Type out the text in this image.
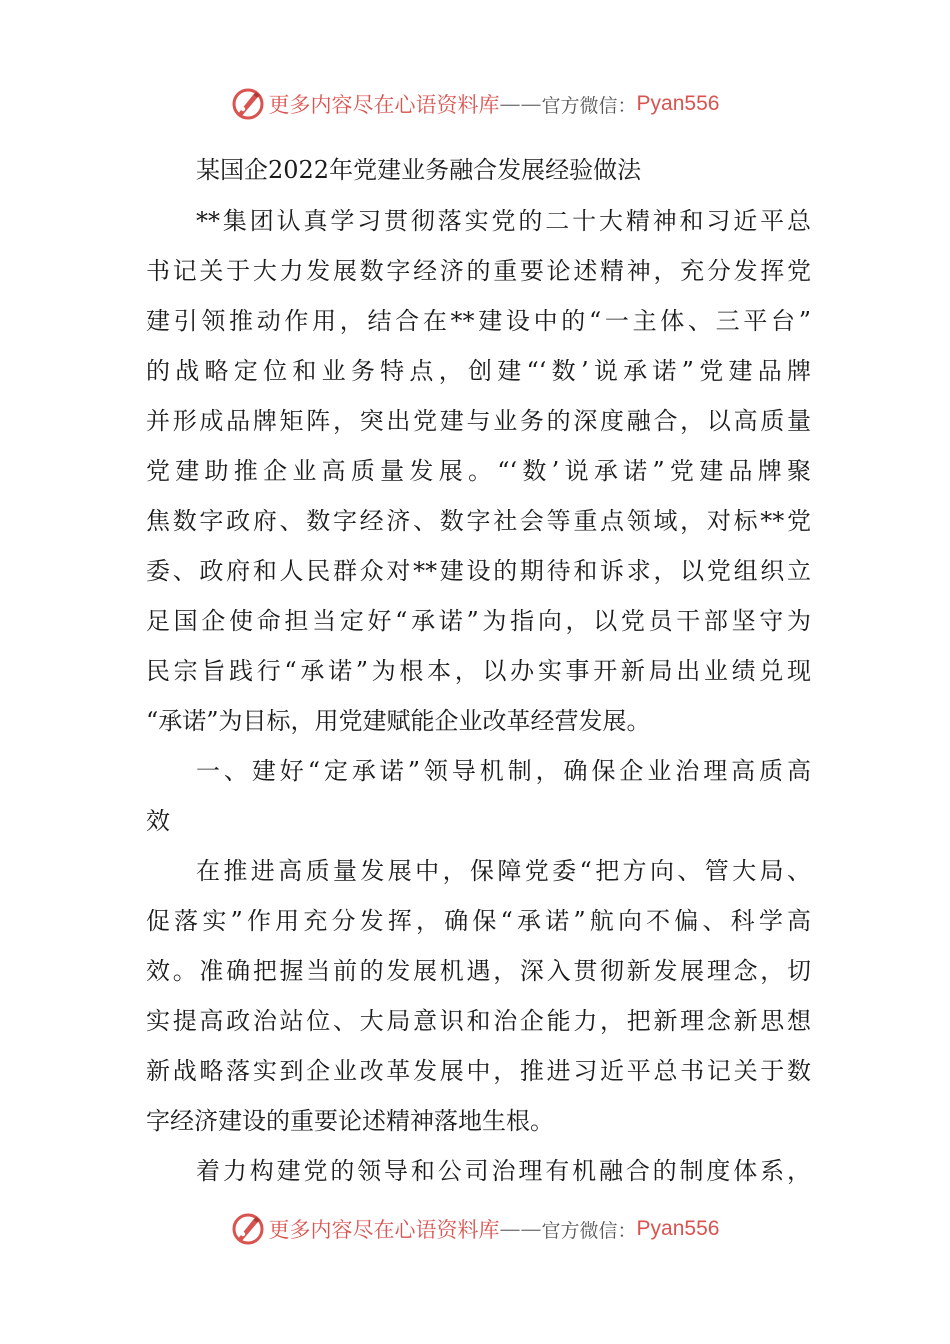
更多内容尽在心语资料库 —— 官方微信： Pyan556
某国企2022年党建业务融合发展经验做法
**集团认真学习贯彻落实党的二十大精神和习近平总
书记关于大力发展数字经济的重要论述精神，充分发挥党
建引领推动作用，结合在**建设中的“一主体、三平台”
的战略定位和业务特点，创建“‘数’说承诺”党建品牌
并形成品牌矩阵，突出党建与业务的深度融合，以高质量
党建助推企业高质量发展。“‘数’说承诺”党建品牌聚
焦数字政府、数字经济、数字社会等重点领域，对标**党
委、政府和人民群众对**建设的期待和诉求，以党组织立
足国企使命担当定好“承诺”为指向，以党员干部坚守为
民宗旨践行“承诺”为根本，以办实事开新局出业绩兑现
“承诺”为目标，用党建赋能企业改革经营发展。
一、建好“定承诺”领导机制，确保企业治理高质高
效
在推进高质量发展中，保障党委“把方向、管大局、
促落实”作用充分发挥，确保“承诺”航向不偏、科学高
效。准确把握当前的发展机遇，深入贯彻新发展理念，切
实提高政治站位、大局意识和治企能力，把新理念新思想
新战略落实到企业改革发展中，推进习近平总书记关于数
字经济建设的重要论述精神落地生根。
着力构建党的领导和公司治理有机融合的制度体系，
更多内容尽在心语资料库 —— 官方微信： Pyan556
